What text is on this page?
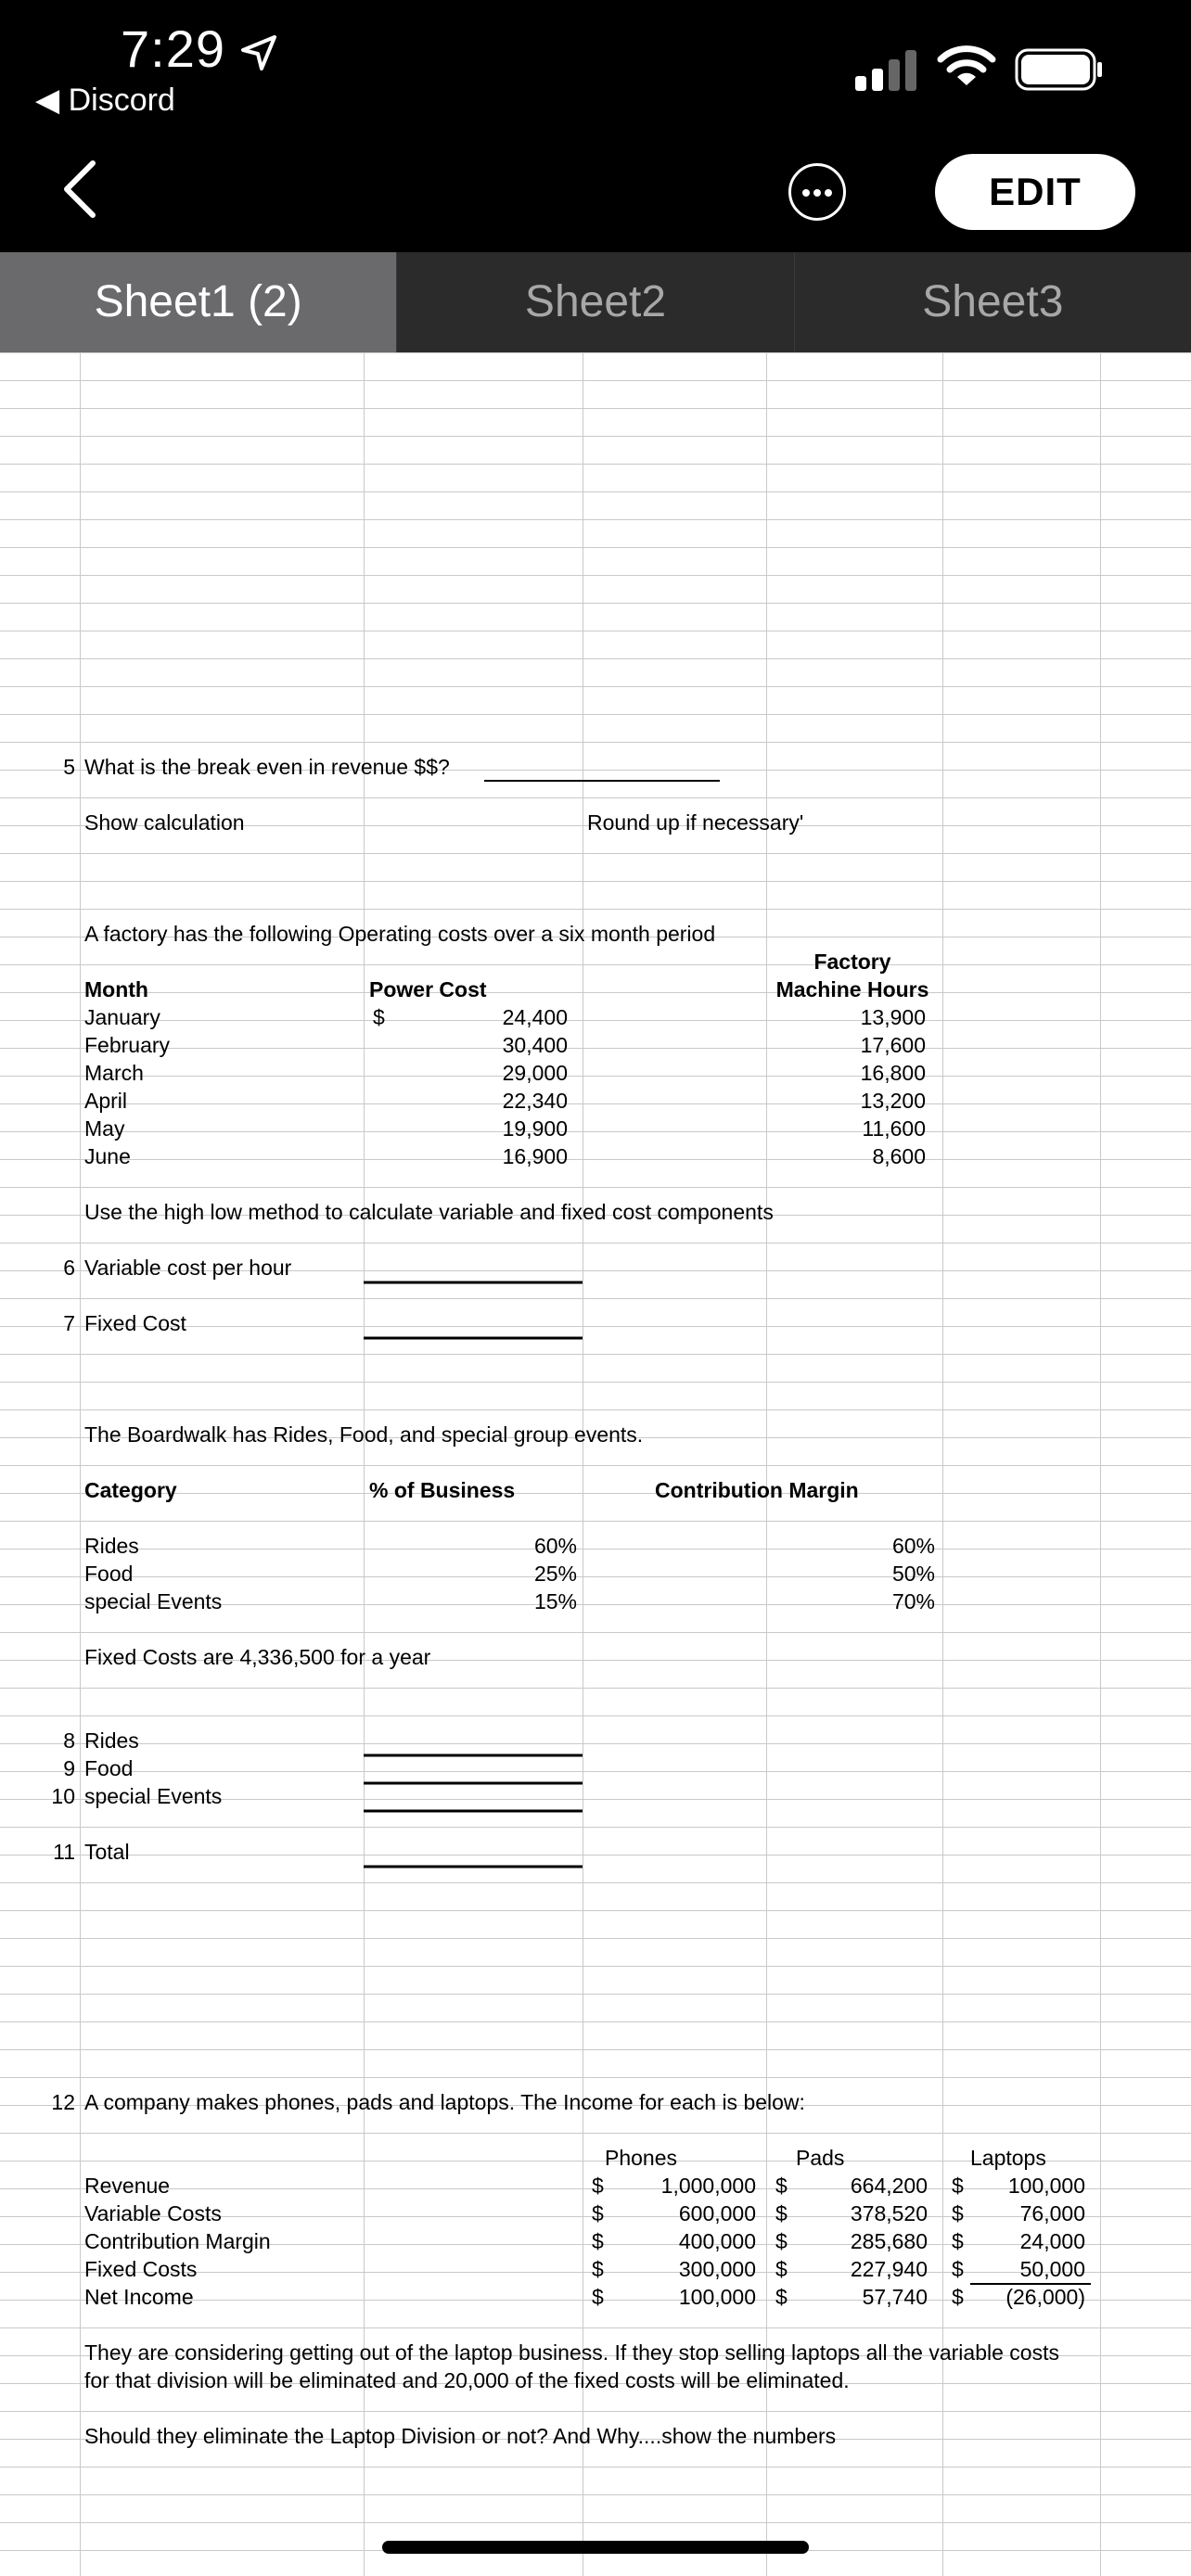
7:29
◀ Discord
EDIT
Sheet1 (2)	Sheet2	Sheet3
5 What is the break even in revenue $$?
Show calculation	Round up if necessary'
A factory has the following Operating costs over a six month period
Factory
Month	Power Cost	Machine Hours
January	$	24,400	13,900
February	30,400	17,600
March	29,000	16,800
April	22,340	13,200
May	19,900	11,600
June	16,900	8,600
Use the high low method to calculate variable and fixed cost components
6 Variable cost per hour
7 Fixed Cost
The Boardwalk has Rides, Food, and special group events.
Category	% of Business	Contribution Margin
Rides	60%	60%
Food	25%	50%
special Events	15%	70%
Fixed Costs are 4,336,500 for a year
8 Rides
9 Food
10 special Events
11 Total
12 A company makes phones, pads and laptops. The Income for each is below:
Phones	Pads	Laptops
Revenue	$	1,000,000 $	664,200 $	100,000
Variable Costs	$	600,000 $	378,520 $	76,000
Contribution Margin	$	400,000 $	285,680 $	24,000
Fixed Costs	$	300,000 $	227,940 $	50,000
Net Income	$	100,000 $	57,740 $	(26,000)
They are considering getting out of the laptop business. If they stop selling laptops all the variable costs
for that division will be eliminated and 20,000 of the fixed costs will be eliminated.
Should they eliminate the Laptop Division or not? And Why....show the numbers
